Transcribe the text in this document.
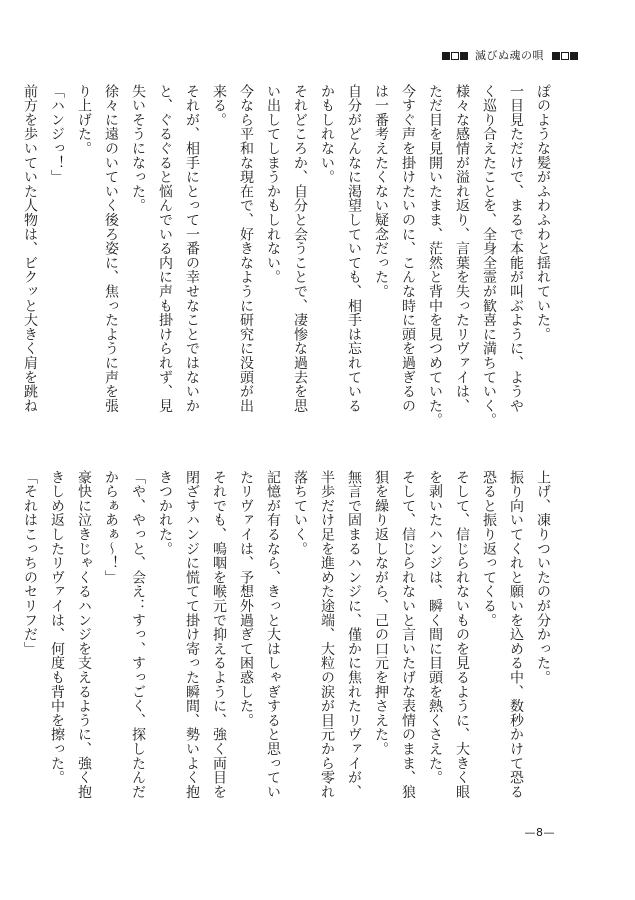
滅びぬ魂の唄
ぽのような髪がふわふわと揺れていた。
一目見ただけで、まるで本能が叫ぶように、ようや
く巡り合えたことを、全身全霊が歓喜に満ちていく。
様々な感情が溢れ返り、言葉を失ったリヴァイは、
ただ目を見開いたまま、茫然と背中を見つめていた。
今すぐ声を掛けたいのに、こんな時に頭を過ぎるの
は一番考えたくない疑念だった。
自分がどんなに渇望していても、相手は忘れている
かもしれない。
それどころか、自分と会うことで、凄惨な過去を思
い出してしまうかもしれない。
今なら平和な現在で、好きなように研究に没頭が出
来る。
それが、相手にとって一番の幸せなことではないか
と、ぐるぐると悩んでいる内に声も掛けられず、見
失いそうになった。
徐々に遠のいていく後ろ姿に、焦ったように声を張
り上げた。
「ハンジっ！」
前方を歩いていた人物は、ビクッと大きく肩を跳ね
上げ、凍りついたのが分かった。
振り向いてくれと願いを込める中、数秒かけて恐る
恐ると振り返ってくる。
そして、信じられないものを見るように、大きく眼
を剥いたハンジは、瞬く間に目頭を熱くさえた。
そして、信じられないと言いたげな表情のまま、狼
狽を繰り返しながら、己の口元を押さえた。
無言で固まるハンジに、僅かに焦れたリヴァイが、
半歩だけ足を進めた途端、大粒の涙が目元から零れ
落ちていく。
記憶が有るなら、きっと大はしゃぎすると思ってい
たリヴァイは、予想外過ぎて困惑した。
それでも、嗚咽を喉元で抑えるように、強く両目を
閉ざすハンジに慌てて掛け寄った瞬間、勢いよく抱
きつかれた。
「や、やっと、会え：すっ、すっごく、探したんだ
からぁあぁ～！」
豪快に泣きじゃくるハンジを支えるように、強く抱
きしめ返したリヴァイは、何度も背中を擦った。
「それはこっちのセリフだ」
—8—
